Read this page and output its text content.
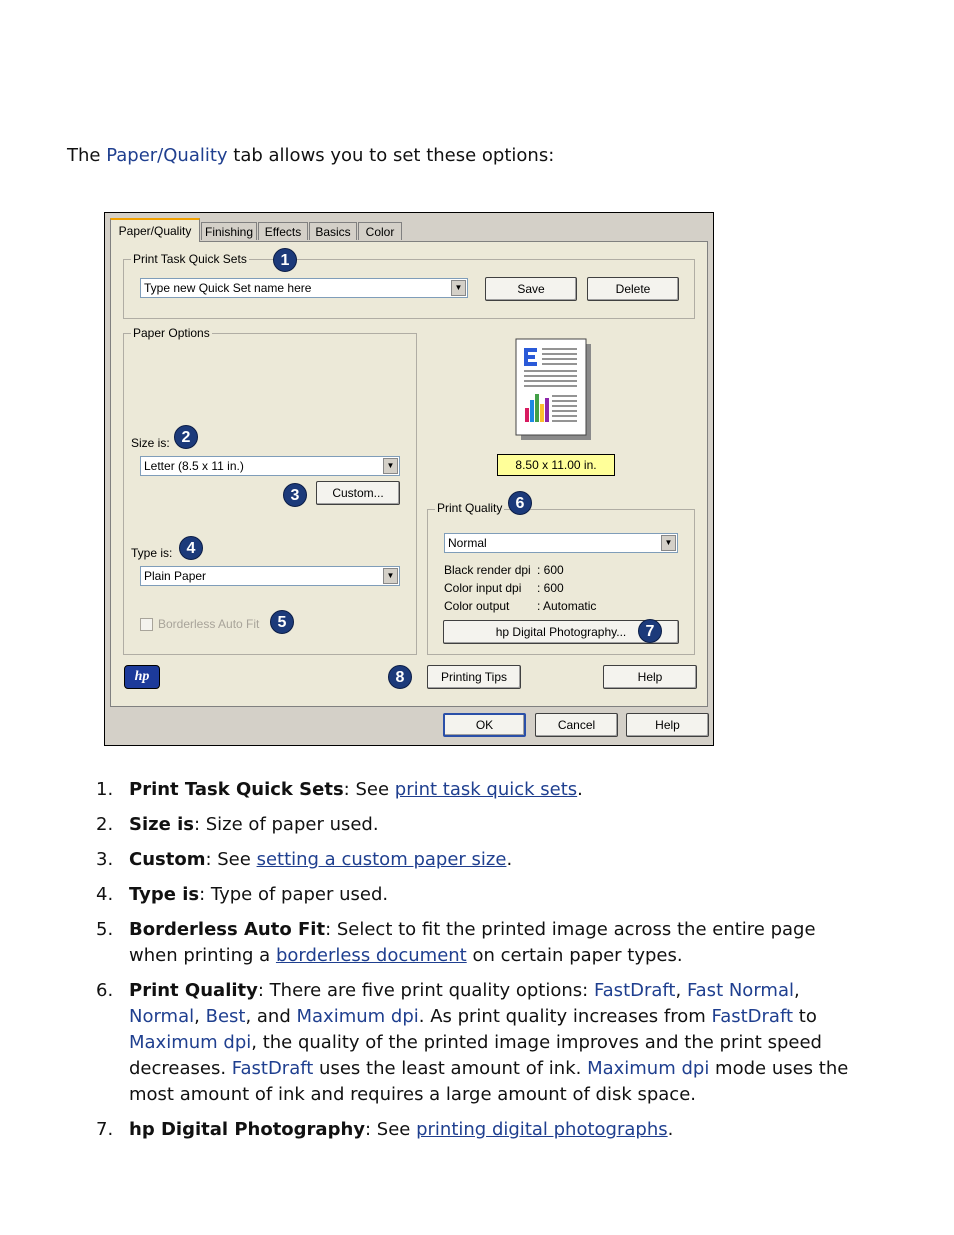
The Paper/Quality tab allows you to set these options:

Paper/Quality	Finishing Effects	Basics	Color
Print Task Quick Sets	1
Type new Quick Set name here	▼	Save	Delete
Paper Options
Size is: 2
Letter (8.5 x 11 in.)	▼
3	Custom...
Type is: 4
Plain Paper	▼
Borderless Auto Fit	5
8.50 x 11.00 in.
Print Quality 6
Normal	▼
Black render dpi : 600
Color input dpi : 600
Color output : Automatic
hp Digital Photography...	7
hp	8	Printing Tips	Help
OK	Cancel	Help
1. Print Task Quick Sets: See print task quick sets.
2. Size is: Size of paper used.
3. Custom: See setting a custom paper size.
4. Type is: Type of paper used.
5. Borderless Auto Fit: Select to fit the printed image across the entire page when printing a borderless document on certain paper types.
6. Print Quality: There are five print quality options: FastDraft, Fast Normal, Normal, Best, and Maximum dpi. As print quality increases from FastDraft to Maximum dpi, the quality of the printed image improves and the print speed decreases. FastDraft uses the least amount of ink. Maximum dpi mode uses the most amount of ink and requires a large amount of disk space.
7. hp Digital Photography: See printing digital photographs.
